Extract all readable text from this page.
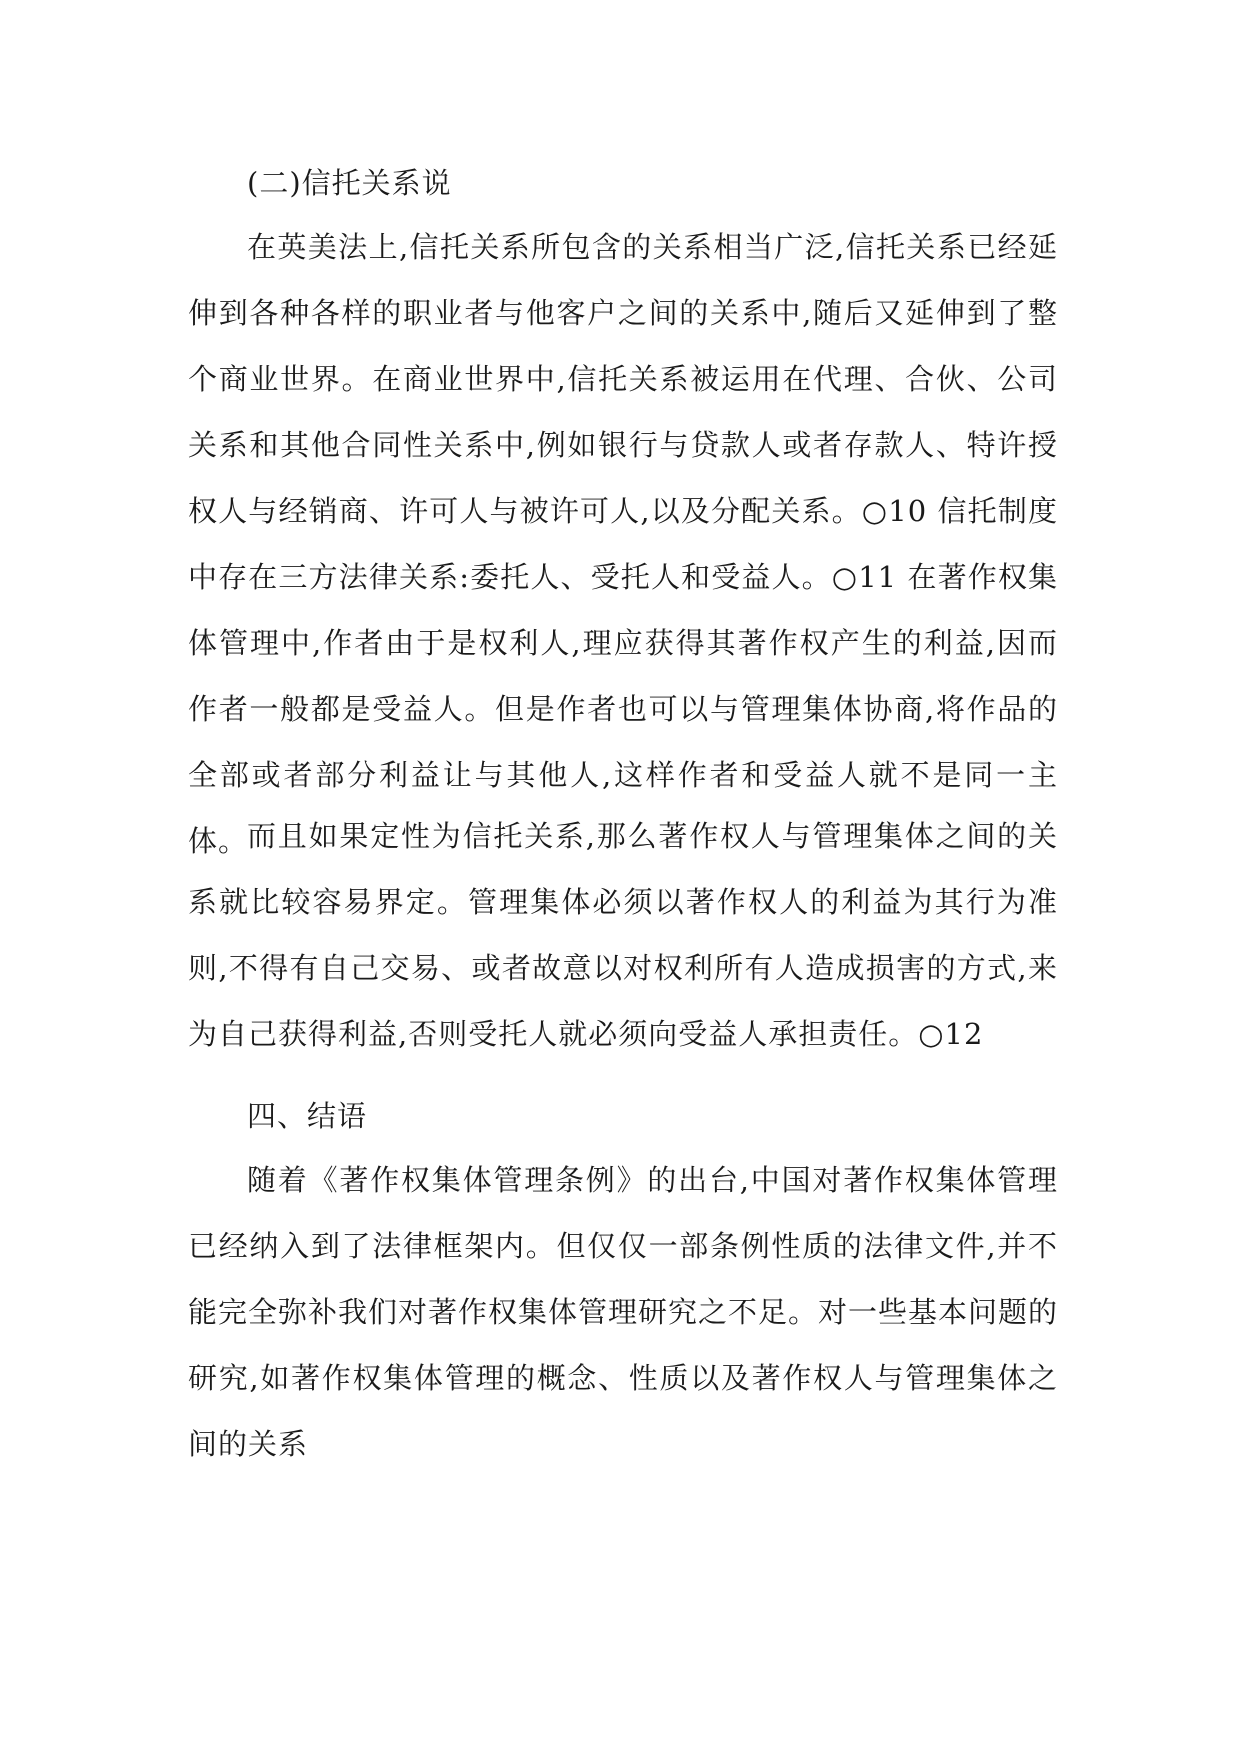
(二)信托关系说

在英美法上,信托关系所包含的关系相当广泛,信托关系已经延伸到各种各样的职业者与他客户之间的关系中,随后又延伸到了整个商业世界。在商业世界中,信托关系被运用在代理、合伙、公司关系和其他合同性关系中,例如银行与贷款人或者存款人、特许授权人与经销商、许可人与被许可人,以及分配关系。○10 信托制度中存在三方法律关系:委托人、受托人和受益人。○11 在著作权集体管理中,作者由于是权利人,理应获得其著作权产生的利益,因而作者一般都是受益人。但是作者也可以与管理集体协商,将作品的全部或者部分利益让与其他人,这样作者和受益人就不是同一主体。

而且如果定性为信托关系,那么著作权人与管理集体之间的关系就比较容易界定。管理集体必须以著作权人的利益为其行为准则,不得有自己交易、或者故意以对权利所有人造成损害的方式,来为自己获得利益,否则受托人就必须向受益人承担责任。○12

四、结语

随着《著作权集体管理条例》的出台,中国对著作权集体管理已经纳入到了法律框架内。但仅仅一部条例性质的法律文件,并不能完全弥补我们对著作权集体管理研究之不足。对一些基本问题的研究,如著作权集体管理的概念、性质以及著作权人与管理集体之间的关系
